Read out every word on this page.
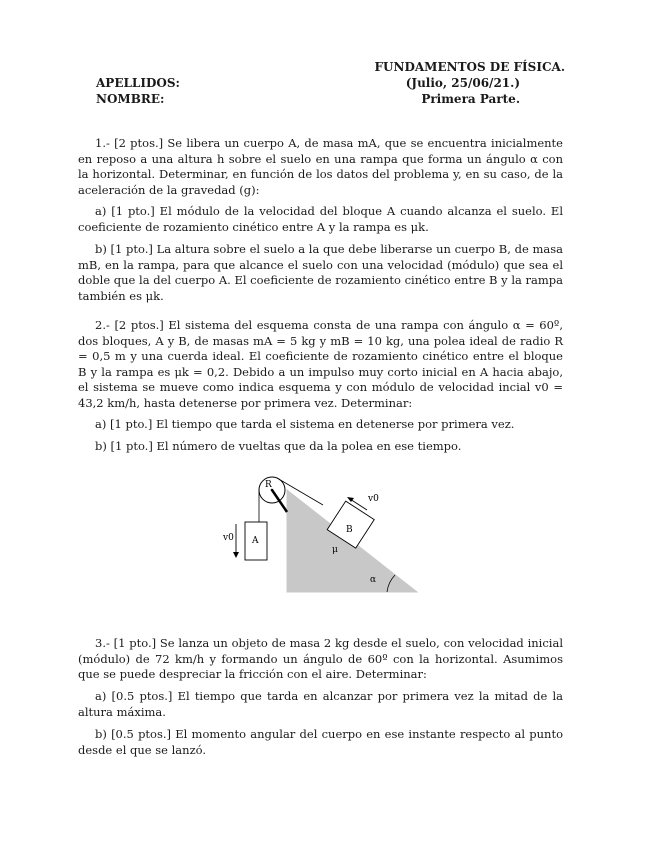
FUNDAMENTOS DE FÍSICA.
(Julio, 25/06/21.)
Primera Parte.
APELLIDOS:
NOMBRE:
1.- [2 ptos.] Se libera un cuerpo A, de masa mA, que se encuentra inicialmente en reposo a una altura h sobre el suelo en una rampa que forma un ángulo α con la horizontal. Determinar, en función de los datos del problema y, en su caso, de la aceleración de la gravedad (g):
a) [1 pto.] El módulo de la velocidad del bloque A cuando alcanza el suelo. El coeficiente de rozamiento cinético entre A y la rampa es μk.
b) [1 pto.] La altura sobre el suelo a la que debe liberarse un cuerpo B, de masa mB, en la rampa, para que alcance el suelo con una velocidad (módulo) que sea el doble que la del cuerpo A. El coeficiente de rozamiento cinético entre B y la rampa también es μk.
2.- [2 ptos.] El sistema del esquema consta de una rampa con ángulo α = 60º, dos bloques, A y B, de masas mA = 5 kg y mB = 10 kg, una polea ideal de radio R = 0,5 m y una cuerda ideal. El coeficiente de rozamiento cinético entre el bloque B y la rampa es μk = 0,2. Debido a un impulso muy corto inicial en A hacia abajo, el sistema se mueve como indica esquema y con módulo de velocidad incial v0 = 43,2 km/h, hasta detenerse por primera vez. Determinar:
a) [1 pto.] El tiempo que tarda el sistema en detenerse por primera vez.
b) [1 pto.] El número de vueltas que da la polea en ese tiempo.
α
R
A
v0
B
v0
μ
3.- [1 pto.] Se lanza un objeto de masa 2 kg desde el suelo, con velocidad inicial (módulo) de 72 km/h y formando un ángulo de 60º con la horizontal. Asumimos que se puede despreciar la fricción con el aire. Determinar:
a) [0.5 ptos.] El tiempo que tarda en alcanzar por primera vez la mitad de la altura máxima.
b) [0.5 ptos.] El momento angular del cuerpo en ese instante respecto al punto desde el que se lanzó.
